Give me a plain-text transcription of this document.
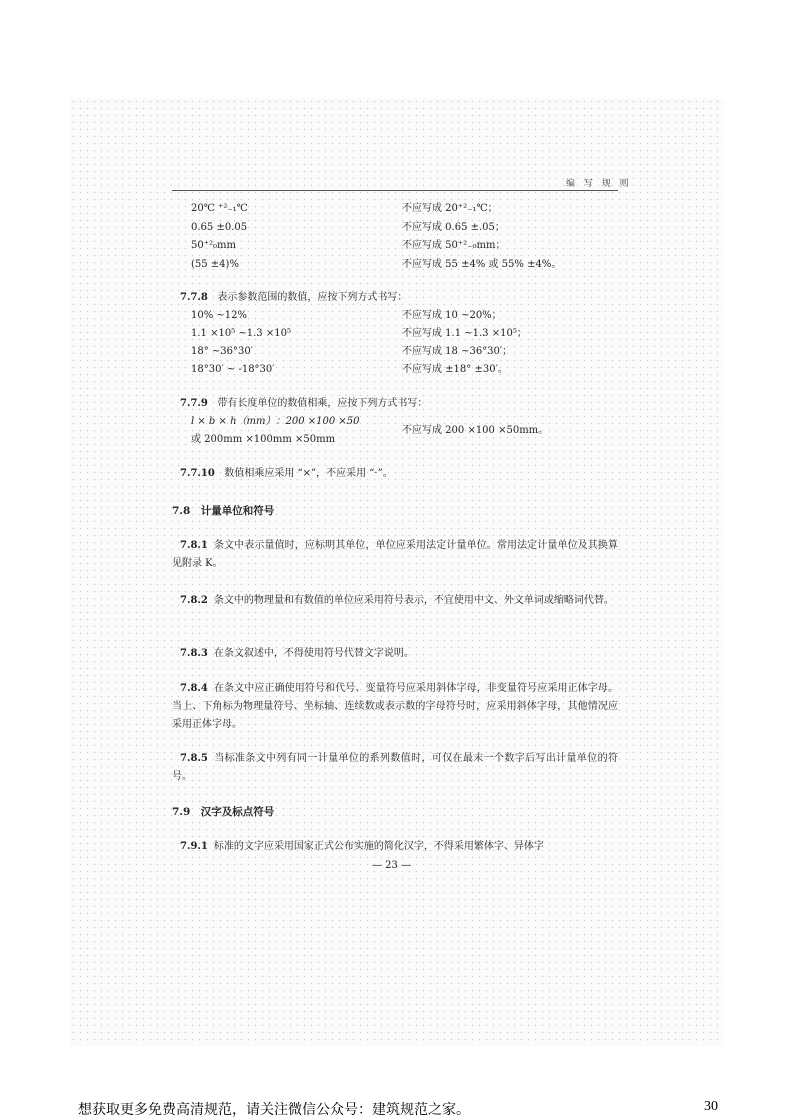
编 写 规 则
20℃ ⁺²₋₁℃	不应写成 20⁺²₋₁℃；
0.65 ±0.05	不应写成 0.65 ±.05；
50⁺²₀mm	不应写成 50⁺²₋₀mm；
(55 ±4)%	不应写成 55 ±4% 或 55% ±4%。
7.7.8 表示参数范围的数值，应按下列方式书写：
10% ~12%	不应写成 10 ~20%；
1.1 ×10⁵ ~1.3 ×10⁵	不应写成 1.1 ~1.3 ×10⁵；
18° ~36°30′	不应写成 18 ~36°30′；
18°30′ ~ -18°30′	不应写成 ±18° ±30′。
7.7.9 带有长度单位的数值相乘，应按下列方式书写：
l × b × h（mm）：200 ×100 ×50
或 200mm ×100mm ×50mm
不应写成 200 ×100 ×50mm。
7.7.10 数值相乘应采用 “×”，不应采用 “·”。
7.8　计量单位和符号
7.8.1 条文中表示量值时，应标明其单位，单位应采用法定计量单位。常用法定计量单位及其换算见附录 K。
7.8.2 条文中的物理量和有数值的单位应采用符号表示，不宜使用中文、外文单词或缩略词代替。
7.8.3 在条文叙述中，不得使用符号代替文字说明。
7.8.4 在条文中应正确使用符号和代号、变量符号应采用斜体字母，非变量符号应采用正体字母。当上、下角标为物理量符号、坐标轴、连续数或表示数的字母符号时，应采用斜体字母，其他情况应采用正体字母。
7.8.5 当标准条文中列有同一计量单位的系列数值时，可仅在最末一个数字后写出计量单位的符号。
7.9　汉字及标点符号
7.9.1 标准的文字应采用国家正式公布实施的简化汉字，不得采用繁体字、异体字
— 23 —
想获取更多免费高清规范，请关注微信公众号：建筑规范之家。	30
